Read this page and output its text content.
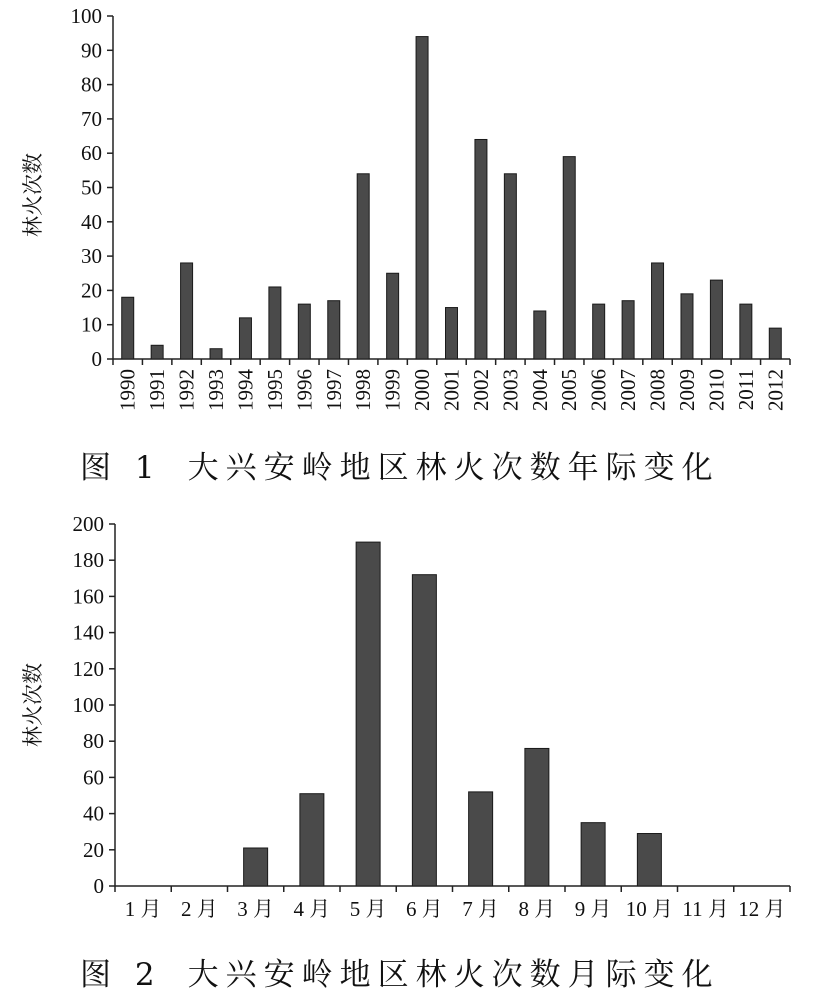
林火次数
0
10
20
30
40
50
60
70
80
90
100
1990 1991 1992 1993 1994 1995 1996 1997 1998 1999 2000 2001 2002 2003 2004 2005 2006 2007 2008 2009 2010 2011 2012
图 1 大兴安岭地区林火次数年际变化
林火次数
0
20
40
60
80
100
120
140
160
180
200
1 月 2 月 3 月 4 月 5 月 6 月 7 月 8 月 9 月 10 月 11 月 12 月
图 2 大兴安岭地区林火次数月际变化
